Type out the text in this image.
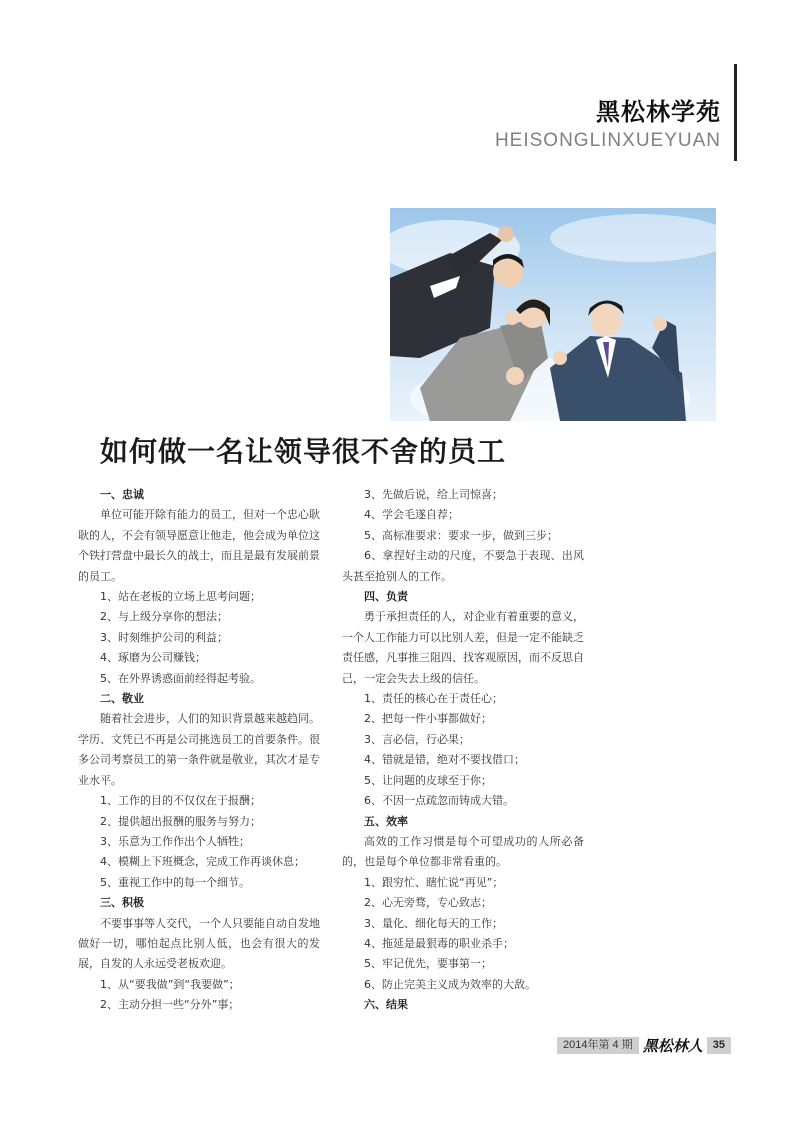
黑松林学苑
HEISONGLINXUEYUAN
如何做一名让领导很不舍的员工

一、忠诚

单位可能开除有能力的员工，但对一个忠心耿耿的人，不会有领导愿意让他走，他会成为单位这个铁打营盘中最长久的战士，而且是最有发展前景的员工。

1、站在老板的立场上思考问题；

2、与上级分享你的想法；

3、时刻维护公司的利益；

4、琢磨为公司赚钱；

5、在外界诱惑面前经得起考验。

二、敬业

随着社会进步，人们的知识背景越来越趋同。学历、文凭已不再是公司挑选员工的首要条件。很多公司考察员工的第一条件就是敬业，其次才是专业水平。

1、工作的目的不仅仅在于报酬；

2、提供超出报酬的服务与努力；

3、乐意为工作作出个人牺牲；

4、模糊上下班概念，完成工作再谈休息；

5、重视工作中的每一个细节。

三、积极

不要事事等人交代，一个人只要能自动自发地做好一切，哪怕起点比别人低，也会有很大的发展，自发的人永远受老板欢迎。

1、从“要我做”到“我要做”；

2、主动分担一些“分外”事；

3、先做后说，给上司惊喜；

4、学会毛遂自荐；

5、高标准要求：要求一步，做到三步；

6、拿捏好主动的尺度，不要急于表现、出风头甚至抢别人的工作。

四、负责

勇于承担责任的人，对企业有着重要的意义，一个人工作能力可以比别人差，但是一定不能缺乏责任感，凡事推三阻四、找客观原因，而不反思自己，一定会失去上级的信任。

1、责任的核心在于责任心；

2、把每一件小事都做好；

3、言必信，行必果；

4、错就是错，绝对不要找借口；

5、让问题的皮球至于你；

6、不因一点疏忽而铸成大错。

五、效率

高效的工作习惯是每个可望成功的人所必备的，也是每个单位都非常看重的。

1、跟穷忙、瞎忙说“再见”；

2、心无旁骛，专心致志；

3、量化、细化每天的工作；

4、拖延是最狠毒的职业杀手；

5、牢记优先，要事第一；

6、防止完美主义成为效率的大敌。

六、结果

2014年第 4 期 黑松林人 35
